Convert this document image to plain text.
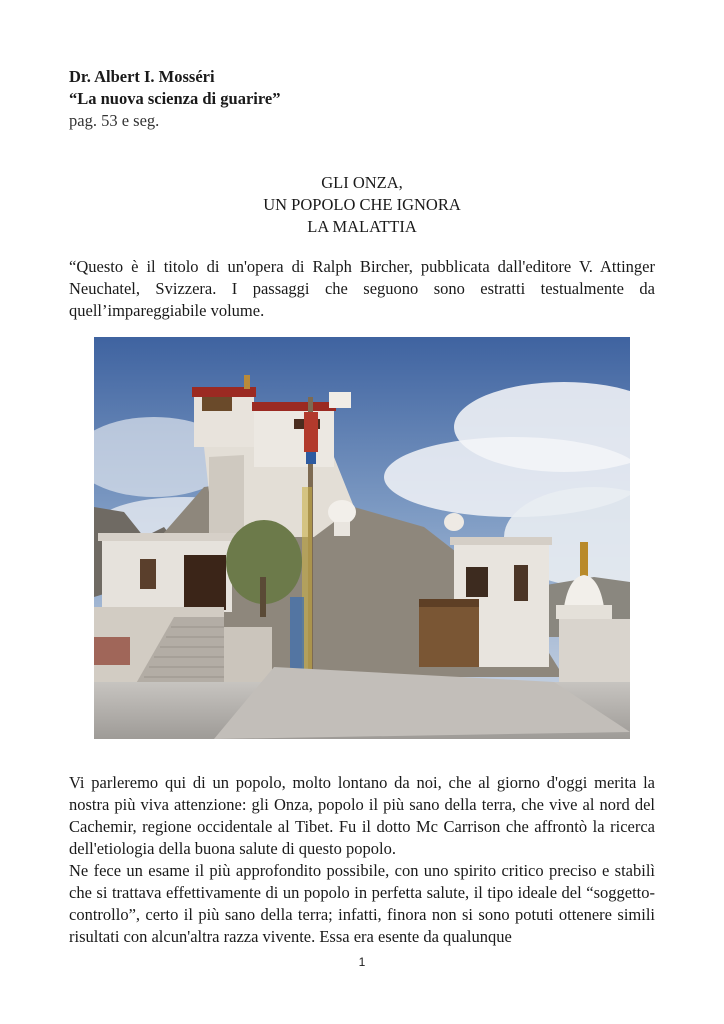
Dr. Albert I. Mosséri
“La nuova scienza di guarire”
pag. 53 e seg.
GLI ONZA,
UN POPOLO CHE IGNORA
LA MALATTIA
“Questo è il titolo di un'opera di Ralph Bircher, pubblicata dall'editore V. Attinger Neuchatel, Svizzera. I passaggi che seguono sono estratti testualmente da quell’impareggiabile volume.
Vi parleremo qui di un popolo, molto lontano da noi, che al giorno d'oggi merita la nostra più viva attenzione: gli Onza, popolo il più sano della terra, che vive al nord del Cachemir, regione occidentale al Tibet. Fu il dotto Mc Carrison che affrontò la ricerca dell'etiologia della buona salute di questo popolo.
Ne fece un esame il più approfondito possibile, con uno spirito critico preciso e stabilì che si trattava effettivamente di un popolo in perfetta salute, il tipo ideale del “soggetto-controllo”, certo il più sano della terra; infatti, finora non si sono potuti ottenere simili risultati con alcun'altra razza vivente. Essa era esente da qualunque
1
